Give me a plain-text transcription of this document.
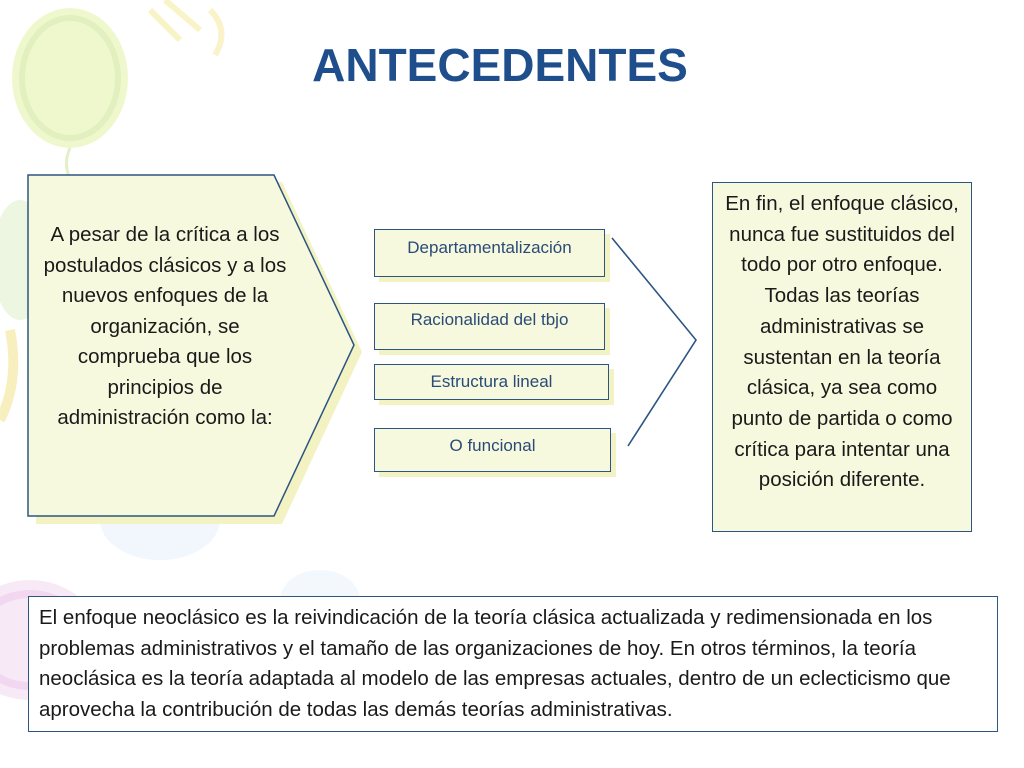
ANTECEDENTES
A pesar de la crítica a los postulados clásicos y a los nuevos enfoques de la organización, se comprueba que los principios de administración como la:
Departamentalización
Racionalidad del tbjo
Estructura lineal
O funcional
En fin, el enfoque clásico, nunca fue sustituidos del todo por otro enfoque. Todas las teorías administrativas se sustentan en la teoría clásica, ya sea como punto de partida o como crítica para intentar una posición diferente.
El enfoque neoclásico es la reivindicación de la teoría clásica actualizada y redimensionada en los problemas administrativos y el tamaño de las organizaciones de hoy. En otros términos, la teoría neoclásica es la teoría adaptada al modelo de las empresas actuales, dentro de un eclecticismo que aprovecha la contribución de todas las demás teorías administrativas.
